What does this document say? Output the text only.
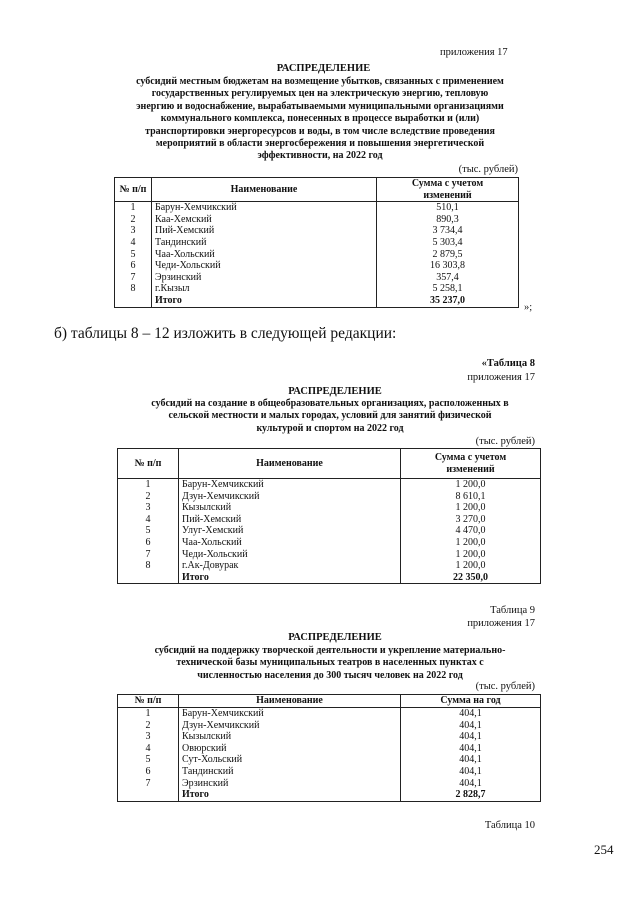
приложения 17
РАСПРЕДЕЛЕНИЕ
субсидий местным бюджетам на возмещение убытков, связанных с применением
государственных регулируемых цен на электрическую энергию, тепловую
энергию и водоснабжение, вырабатываемыми муниципальными организациями
коммунального комплекса, понесенных в процессе выработки и (или)
транспортировки энергоресурсов и воды, в том числе вследствие проведения
мероприятий в области энергосбережения и повышения энергетической
эффективности, на 2022 год
(тыс. рублей)
№ п/п	Наименование	Сумма с учетом
изменений

1	Барун-Хемчикский	510,1
2	Каа-Хемский	890,3
3	Пий-Хемский	3 734,4
4	Тандинский	5 303,4
5	Чаа-Хольский	2 879,5
6	Чеди-Хольский	16 303,8
7	Эрзинский	357,4
8	г.Кызыл	5 258,1
	Итого	35 237,0
»;
б) таблицы 8 – 12 изложить в следующей редакции:
«Таблица 8
приложения 17
РАСПРЕДЕЛЕНИЕ
субсидий на создание в общеобразовательных организациях, расположенных в
сельской местности и малых городах, условий для занятий физической
культурой и спортом на 2022 год
(тыс. рублей)
№ п/п	Наименование	Сумма с учетом
изменений

1	Барун-Хемчикский	1 200,0
2	Дзун-Хемчикский	8 610,1
3	Кызылский	1 200,0
4	Пий-Хемский	3 270,0
5	Улуг-Хемский	4 470,0
6	Чаа-Хольский	1 200,0
7	Чеди-Хольский	1 200,0
8	г.Ак-Довурак	1 200,0
	Итого	22 350,0
Таблица 9
приложения 17
РАСПРЕДЕЛЕНИЕ
субсидий на поддержку творческой деятельности и укрепление материально-
технической базы муниципальных театров в населенных пунктах с
численностью населения до 300 тысяч человек на 2022 год
(тыс. рублей)
№ п/п	Наименование	Сумма на год
1	Барун-Хемчикский	404,1
2	Дзун-Хемчикский	404,1
3	Кызылский	404,1
4	Овюрский	404,1
5	Сут-Хольский	404,1
6	Тандинский	404,1
7	Эрзинский	404,1
	Итого	2 828,7
Таблица 10
254
